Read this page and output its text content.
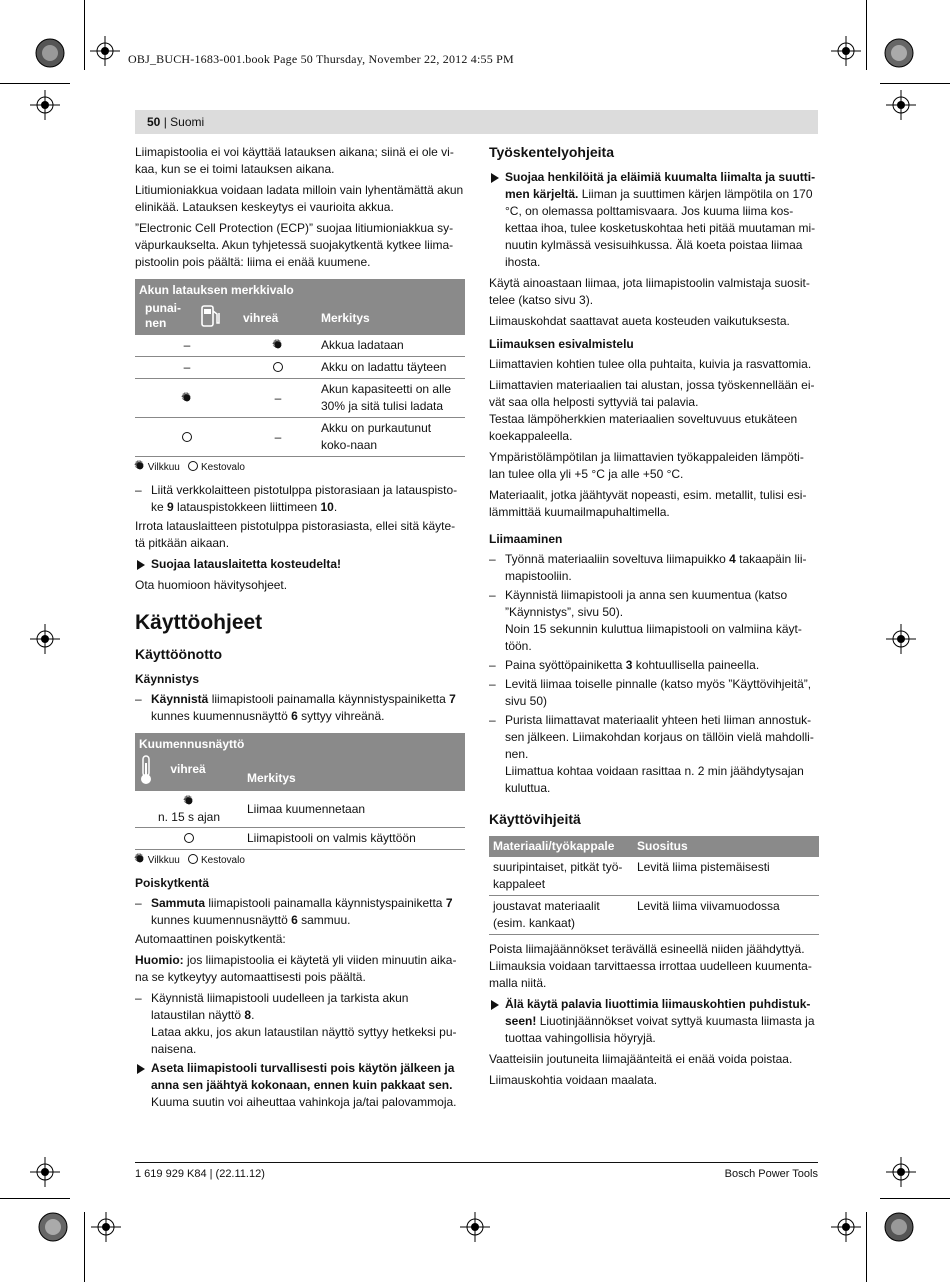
OBJ_BUCH-1683-001.book Page 50 Thursday, November 22, 2012 4:55 PM
50 | Suomi

Liimapistoolia ei voi käyttää latauksen aikana; siinä ei ole vi-kaa, kun se ei toimi latauksen aikana.

Litiumioniakkua voidaan ladata milloin vain lyhentämättä akun elinikää. Latauksen keskeytys ei vaurioita akkua.

”Electronic Cell Protection (ECP)” suojaa litiumioniakkua sy-väpurkaukselta. Akun tyhjetessä suojakytkentä kytkee liima-pistoolin pois päältä: liima ei enää kuumene.

Akun latauksen merkkivalo			
punai-nen		vihreä	Merkitys
–	✺		Akkua ladataan
–			Akku on ladattu täyteen
✺	–	Akun kapasiteetti on alle 30% ja sitä tulisi ladata
		–	Akku on purkautunut koko-naan
✺ Vilkkuu Kestovalo
– Liitä verkkolaitteen pistotulppa pistorasiaan ja latauspisto-ke 9 latauspistokkeen liittimeen 10.

Irrota latauslaitteen pistotulppa pistorasiasta, ellei sitä käyte-tä pitkään aikaan.

Suojaa latauslaitetta kosteudelta!

Ota huomioon hävitysohjeet.

Käyttöohjeet
Käyttöönotto
Käynnistys
– Käynnistä liimapistooli painamalla käynnistyspainiketta 7 kunnes kuumennusnäyttö 6 syttyy vihreänä.
Kuumennusnäyttö	
vihreä	Merkitys
✺
n. 15 s ajan	Liimaa kuumennetaan
	Liimapistooli on valmis käyttöön
✺ Vilkkuu Kestovalo
Poiskytkentä
– Sammuta liimapistooli painamalla käynnistyspainiketta 7 kunnes kuumennusnäyttö 6 sammuu.

Automaattinen poiskytkentä:

Huomio: jos liimapistoolia ei käytetä yli viiden minuutin aika-na se kytkeytyy automaattisesti pois päältä.

– Käynnistä liimapistooli uudelleen ja tarkista akun lataustilan näyttö 8.
Lataa akku, jos akun lataustilan näyttö syttyy hetkeksi pu-naisena.
Aseta liimapistooli turvallisesti pois käytön jälkeen ja anna sen jäähtyä kokonaan, ennen kuin pakkaat sen. Kuuma suutin voi aiheuttaa vahinkoja ja/tai palovammoja.
Työskentelyohjeita
Suojaa henkilöitä ja eläimiä kuumalta liimalta ja suutti-men kärjeltä. Liiman ja suuttimen kärjen lämpötila on 170 °C, on olemassa polttamisvaara. Jos kuuma liima kos-kettaa ihoa, tulee kosketuskohtaa heti pitää muutaman mi-nuutin kylmässä vesisuihkussa. Älä koeta poistaa liimaa ihosta.

Käytä ainoastaan liimaa, jota liimapistoolin valmistaja suosit-telee (katso sivu 3).

Liimauskohdat saattavat aueta kosteuden vaikutuksesta.

Liimauksen esivalmistelu

Liimattavien kohtien tulee olla puhtaita, kuivia ja rasvattomia.

Liimattavien materiaalien tai alustan, jossa työskennellään ei-vät saa olla helposti syttyviä tai palavia.

Testaa lämpöherkkien materiaalien soveltuvuus etukäteen koekappaleella.

Ympäristölämpötilan ja liimattavien työkappaleiden lämpöti-lan tulee olla yli +5 °C ja alle +50 °C.

Materiaalit, jotka jäähtyvät nopeasti, esim. metallit, tulisi esi-lämmittää kuumailmapuhaltimella.

Liimaaminen
– Työnnä materiaaliin soveltuva liimapuikko 4 takaapäin lii-mapistooliin.
– Käynnistä liimapistooli ja anna sen kuumentua (katso ”Käynnistys”, sivu 50).
Noin 15 sekunnin kuluttua liimapistooli on valmiina käyt-töön.
– Paina syöttöpainiketta 3 kohtuullisella paineella.
– Levitä liimaa toiselle pinnalle (katso myös ”Käyttövihjeitä”, sivu 50)
– Purista liimattavat materiaalit yhteen heti liiman annostuk-sen jälkeen. Liimakohdan korjaus on tällöin vielä mahdolli-nen.
Liimattua kohtaa voidaan rasittaa n. 2 min jäähdytysajan kuluttua.
Käyttövihjeitä
Materiaali/työkappale	Suositus
suuripintaiset, pitkät työ-kappaleet	Levitä liima pistemäisesti
joustavat materiaalit (esim. kankaat)	Levitä liima viivamuodossa

Poista liimajäännökset terävällä esineellä niiden jäähdyttyä.

Liimauksia voidaan tarvittaessa irrottaa uudelleen kuumenta-malla niitä.

Älä käytä palavia liuottimia liimauskohtien puhdistuk-seen! Liuotinjäännökset voivat syttyä kuumasta liimasta ja tuottaa vahingollisia höyryjä.

Vaatteisiin joutuneita liimajäänteitä ei enää voida poistaa.

Liimauskohtia voidaan maalata.

1 619 929 K84 | (22.11.12)	Bosch Power Tools
